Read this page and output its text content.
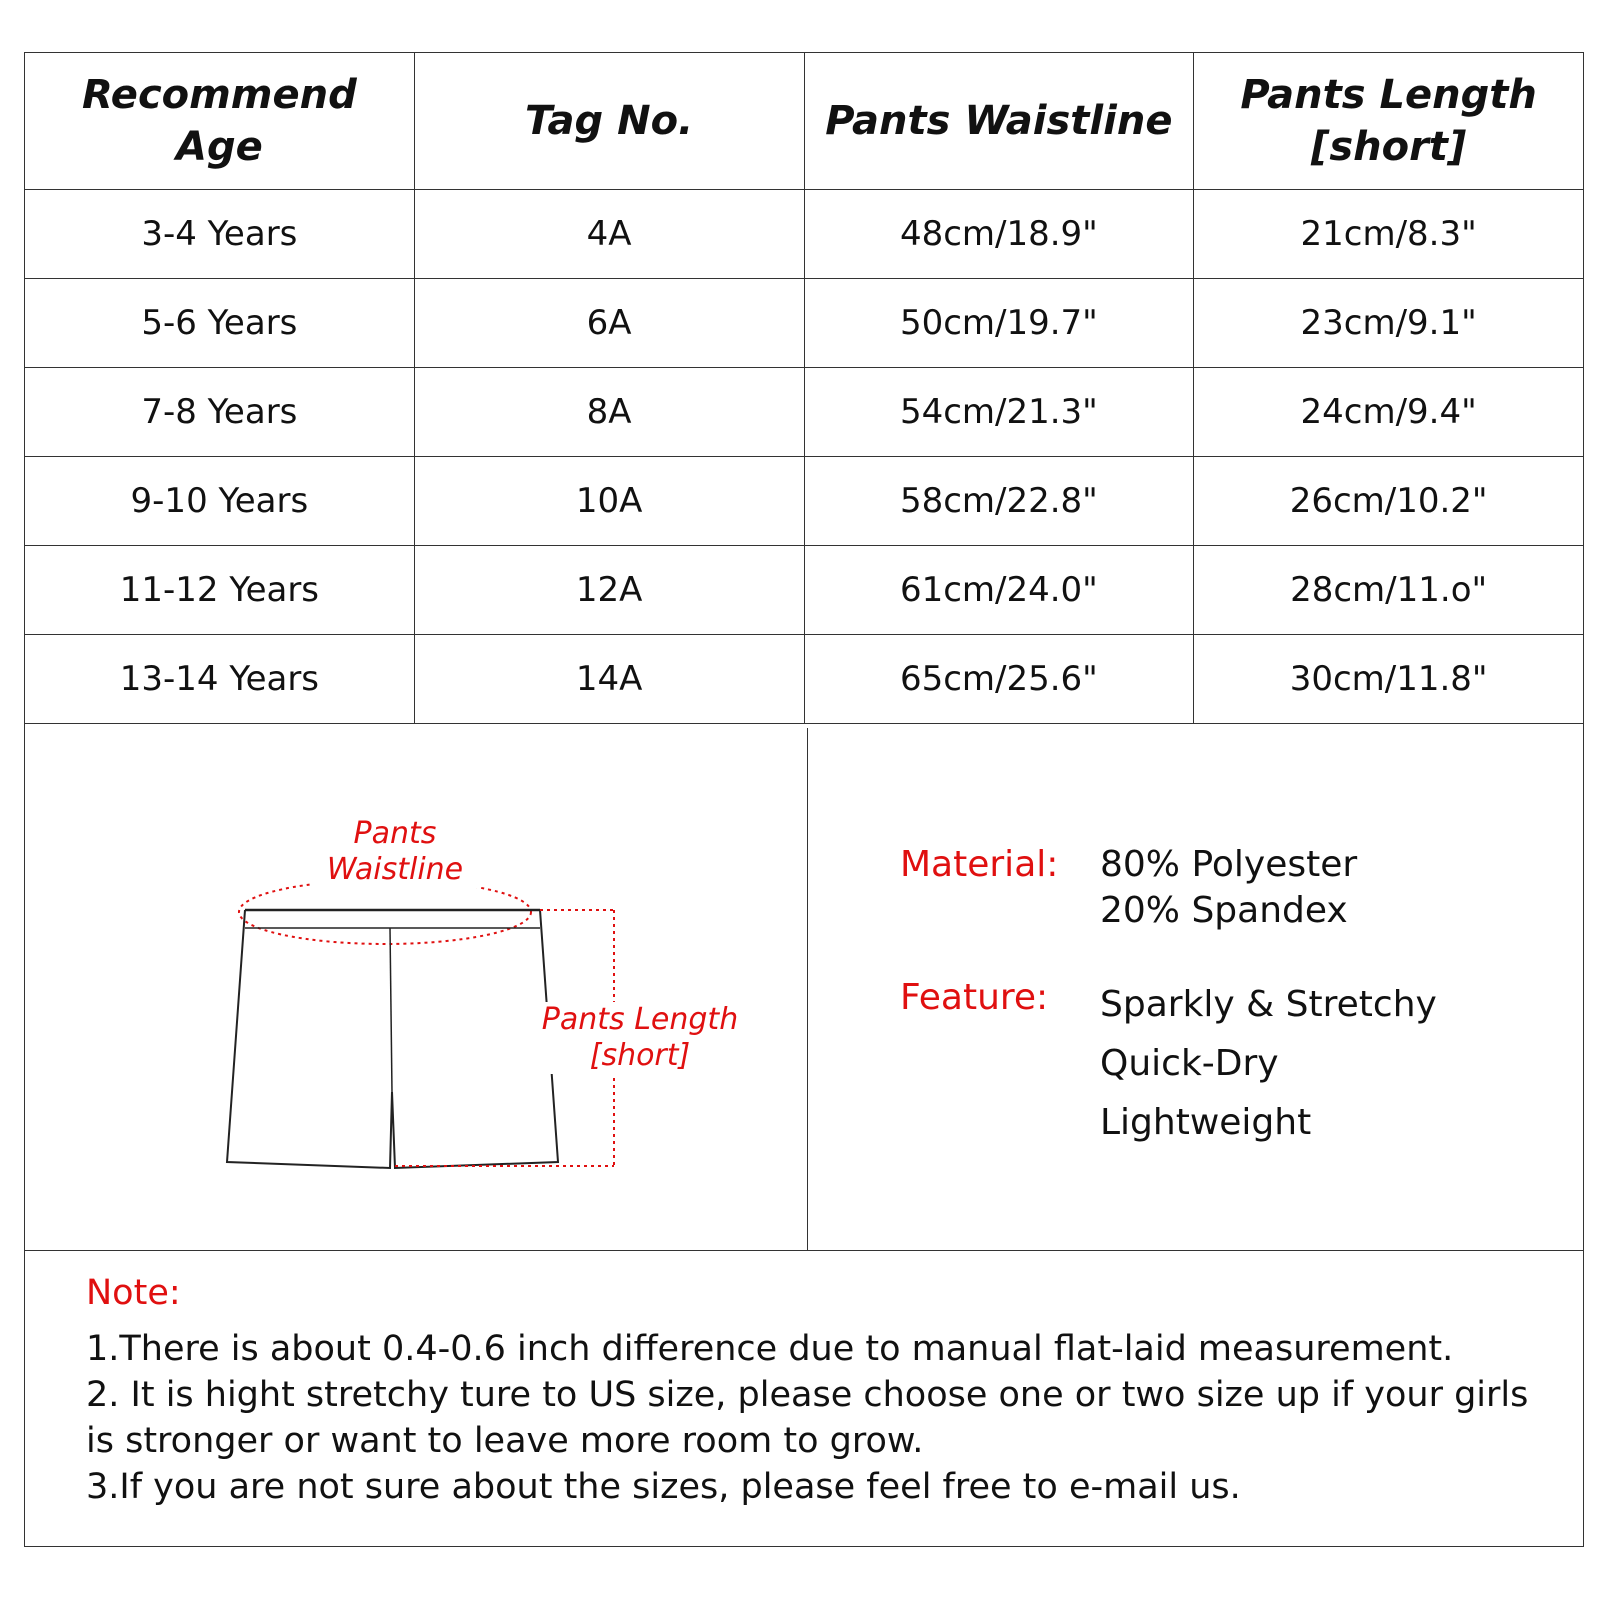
Recommend
Age	Tag No.	Pants Waistline	Pants Length
[short]

3-4 Years	4A	48cm/18.9"	21cm/8.3"
5-6 Years	6A	50cm/19.7"	23cm/9.1"
7-8 Years	8A	54cm/21.3"	24cm/9.4"
9-10 Years	10A	58cm/22.8"	26cm/10.2"
11-12 Years	12A	61cm/24.0"	28cm/11.o"
13-14 Years	14A	65cm/25.6"	30cm/11.8"
Pants
Waistline
Pants Length
[short]
Material: 80% Polyester
20% Spandex
Feature: Sparkly & Stretchy
Quick-Dry
Lightweight
Note:

1.There is about 0.4-0.6 inch difference due to manual flat-laid measurement.

2. It is hight stretchy ture to US size, please choose one or two size up if your girls is stronger or want to leave more room to grow.

3.If you are not sure about the sizes, please feel free to e-mail us.
